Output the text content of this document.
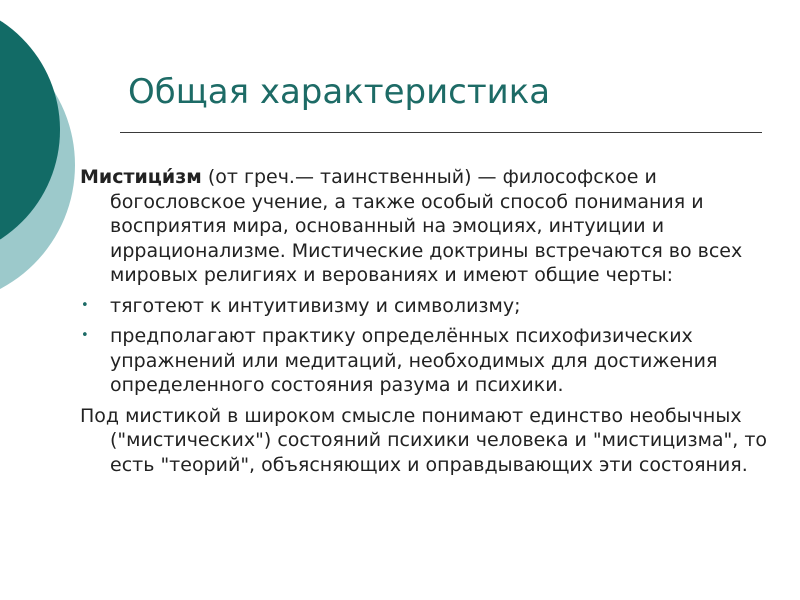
Общая характеристика

Мистици́зм (от греч.— таинственный) — философское и богословское учение, а также особый способ понимания и восприятия мира, основанный на эмоциях, интуиции и иррационализме. Мистические доктрины встречаются во всех мировых религиях и верованиях и имеют общие черты:

• тяготеют к интуитивизму и символизму;
• предполагают практику определённых психофизических упражнений или медитаций, необходимых для достижения определенного состояния разума и психики.

Под мистикой в широком смысле понимают единство необычных ("мистических") состояний психики человека и "мистицизма", то есть "теорий", объясняющих и оправдывающих эти состояния.
